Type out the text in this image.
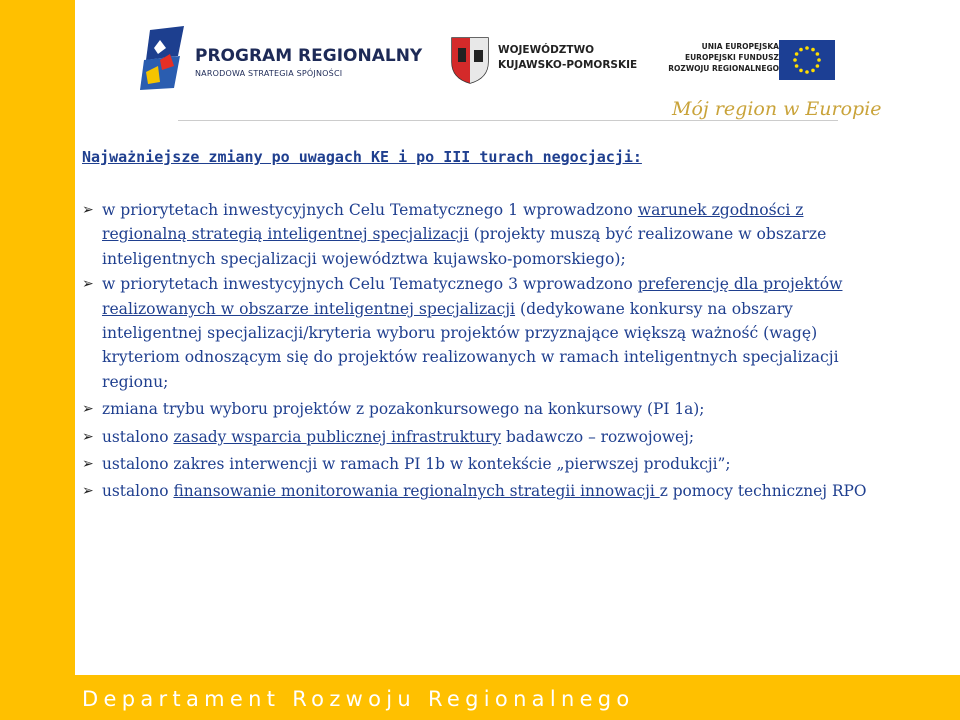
Departament Rozwoju Regionalnego
PROGRAM REGIONALNY
NARODOWA STRATEGIA SPÓJNOŚCI
WOJEWÓDZTWO
KUJAWSKO-POMORSKIE
UNIA EUROPEJSKA
EUROPEJSKI FUNDUSZ
ROZWOJU REGIONALNEGO
Mój region w Europie
Najważniejsze zmiany po uwagach KE i po III turach negocjacji:

➢ w priorytetach inwestycyjnych Celu Tematycznego 1 wprowadzono warunek zgodności z regionalną strategią inteligentnej specjalizacji (projekty muszą być realizowane w obszarze inteligentnych specjalizacji województwa kujawsko-pomorskiego);

➢ w priorytetach inwestycyjnych Celu Tematycznego 3 wprowadzono preferencję dla projektów realizowanych w obszarze inteligentnej specjalizacji (dedykowane konkursy na obszary inteligentnej specjalizacji/kryteria wyboru projektów przyznające większą ważność (wagę) kryteriom odnoszącym się do projektów realizowanych w ramach inteligentnych specjalizacji regionu;

➢ zmiana trybu wyboru projektów z pozakonkursowego na konkursowy (PI 1a);

➢ ustalono zasady wsparcia publicznej infrastruktury badawczo – rozwojowej;

➢ ustalono zakres interwencji w ramach PI 1b w kontekście „pierwszej produkcji”;

➢ ustalono finansowanie monitorowania regionalnych strategii innowacji z pomocy technicznej RPO
